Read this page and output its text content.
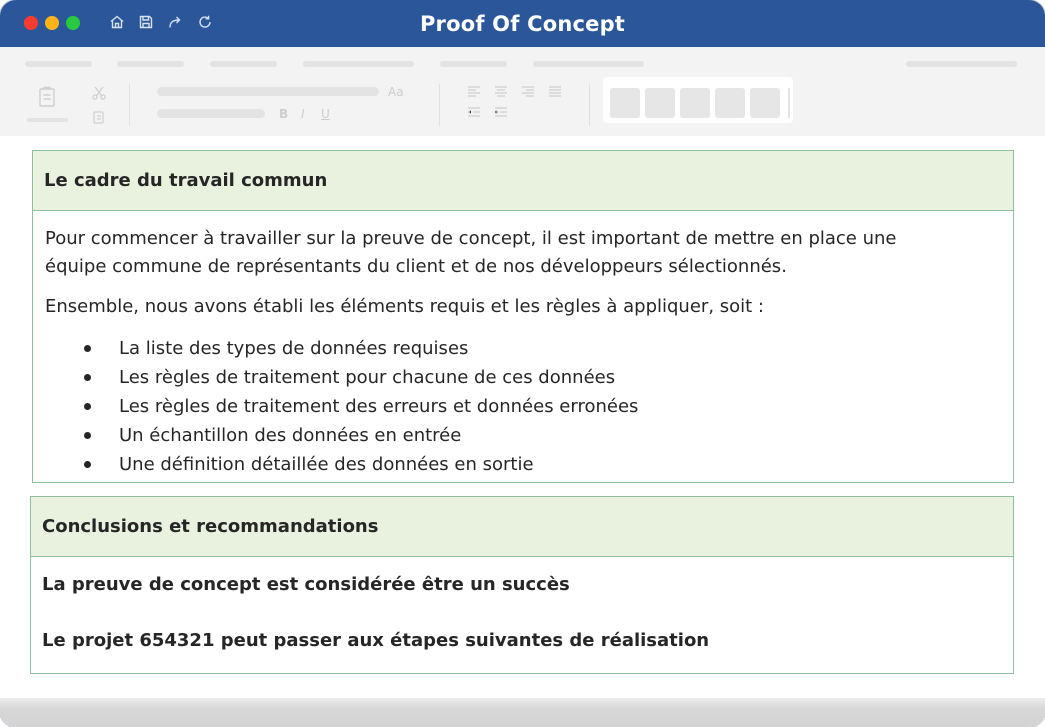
Proof Of Concept
Aa
B I U
Le cadre du travail commun
Pour commencer à travailler sur la preuve de concept, il est important de mettre en place une
équipe commune de représentants du client et de nos développeurs sélectionnés.
Ensemble, nous avons établi les éléments requis et les règles à appliquer, soit :
La liste des types de données requises
Les règles de traitement pour chacune de ces données
Les règles de traitement des erreurs et données erronées
Un échantillon des données en entrée
Une définition détaillée des données en sortie
Conclusions et recommandations
La preuve de concept est considérée être un succès
Le projet 654321 peut passer aux étapes suivantes de réalisation
